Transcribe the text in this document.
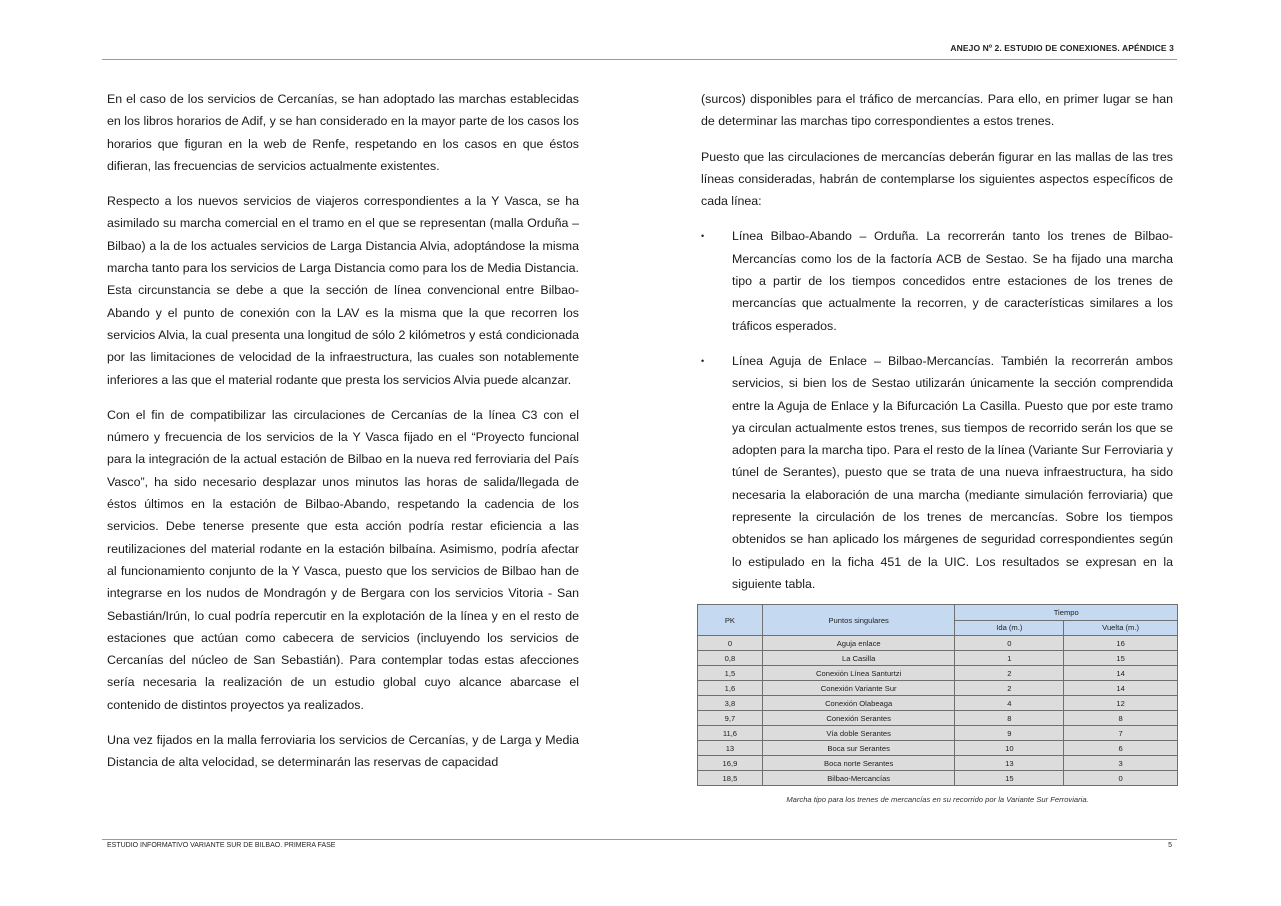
ANEJO Nº 2. ESTUDIO DE CONEXIONES. APÉNDICE 3

En el caso de los servicios de Cercanías, se han adoptado las marchas establecidas en los libros horarios de Adif, y se han considerado en la mayor parte de los casos los horarios que figuran en la web de Renfe, respetando en los casos en que éstos difieran, las frecuencias de servicios actualmente existentes.

Respecto a los nuevos servicios de viajeros correspondientes a la Y Vasca, se ha asimilado su marcha comercial en el tramo en el que se representan (malla Orduña – Bilbao) a la de los actuales servicios de Larga Distancia Alvia, adoptándose la misma marcha tanto para los servicios de Larga Distancia como para los de Media Distancia. Esta circunstancia se debe a que la sección de línea convencional entre Bilbao-Abando y el punto de conexión con la LAV es la misma que la que recorren los servicios Alvia, la cual presenta una longitud de sólo 2 kilómetros y está condicionada por las limitaciones de velocidad de la infraestructura, las cuales son notablemente inferiores a las que el material rodante que presta los servicios Alvia puede alcanzar.

Con el fin de compatibilizar las circulaciones de Cercanías de la línea C3 con el número y frecuencia de los servicios de la Y Vasca fijado en el “Proyecto funcional para la integración de la actual estación de Bilbao en la nueva red ferroviaria del País Vasco”, ha sido necesario desplazar unos minutos las horas de salida/llegada de éstos últimos en la estación de Bilbao-Abando, respetando la cadencia de los servicios. Debe tenerse presente que esta acción podría restar eficiencia a las reutilizaciones del material rodante en la estación bilbaína. Asimismo, podría afectar al funcionamiento conjunto de la Y Vasca, puesto que los servicios de Bilbao han de integrarse en los nudos de Mondragón y de Bergara con los servicios Vitoria - San Sebastián/Irún, lo cual podría repercutir en la explotación de la línea y en el resto de estaciones que actúan como cabecera de servicios (incluyendo los servicios de Cercanías del núcleo de San Sebastián). Para contemplar todas estas afecciones sería necesaria la realización de un estudio global cuyo alcance abarcase el contenido de distintos proyectos ya realizados.

Una vez fijados en la malla ferroviaria los servicios de Cercanías, y de Larga y Media Distancia de alta velocidad, se determinarán las reservas de capacidad

(surcos) disponibles para el tráfico de mercancías. Para ello, en primer lugar se han de determinar las marchas tipo correspondientes a estos trenes.

Puesto que las circulaciones de mercancías deberán figurar en las mallas de las tres líneas consideradas, habrán de contemplarse los siguientes aspectos específicos de cada línea:

• Línea Bilbao-Abando – Orduña. La recorrerán tanto los trenes de Bilbao-Mercancías como los de la factoría ACB de Sestao. Se ha fijado una marcha tipo a partir de los tiempos concedidos entre estaciones de los trenes de mercancías que actualmente la recorren, y de características similares a los tráficos esperados.
• Línea Aguja de Enlace – Bilbao-Mercancías. También la recorrerán ambos servicios, si bien los de Sestao utilizarán únicamente la sección comprendida entre la Aguja de Enlace y la Bifurcación La Casilla. Puesto que por este tramo ya circulan actualmente estos trenes, sus tiempos de recorrido serán los que se adopten para la marcha tipo. Para el resto de la línea (Variante Sur Ferroviaria y túnel de Serantes), puesto que se trata de una nueva infraestructura, ha sido necesaria la elaboración de una marcha (mediante simulación ferroviaria) que represente la circulación de los trenes de mercancías. Sobre los tiempos obtenidos se han aplicado los márgenes de seguridad correspondientes según lo estipulado en la ficha 451 de la UIC. Los resultados se expresan en la siguiente tabla.
PK	Puntos singulares	Tiempo	
		Ida (m.)	Vuelta (m.)
0	Aguja enlace	0	16
0,8	La Casilla	1	15
1,5	Conexión Línea Santurtzi	2	14
1,6	Conexión Variante Sur	2	14
3,8	Conexión Olabeaga	4	12
9,7	Conexión Serantes	8	8
11,6	Vía doble Serantes	9	7
13	Boca sur Serantes	10	6
16,9	Boca norte Serantes	13	3
18,5	Bilbao-Mercancías	15	0
Marcha tipo para los trenes de mercancías en su recorrido por la Variante Sur Ferroviaria.
ESTUDIO INFORMATIVO VARIANTE SUR DE BILBAO. PRIMERA FASE	5
